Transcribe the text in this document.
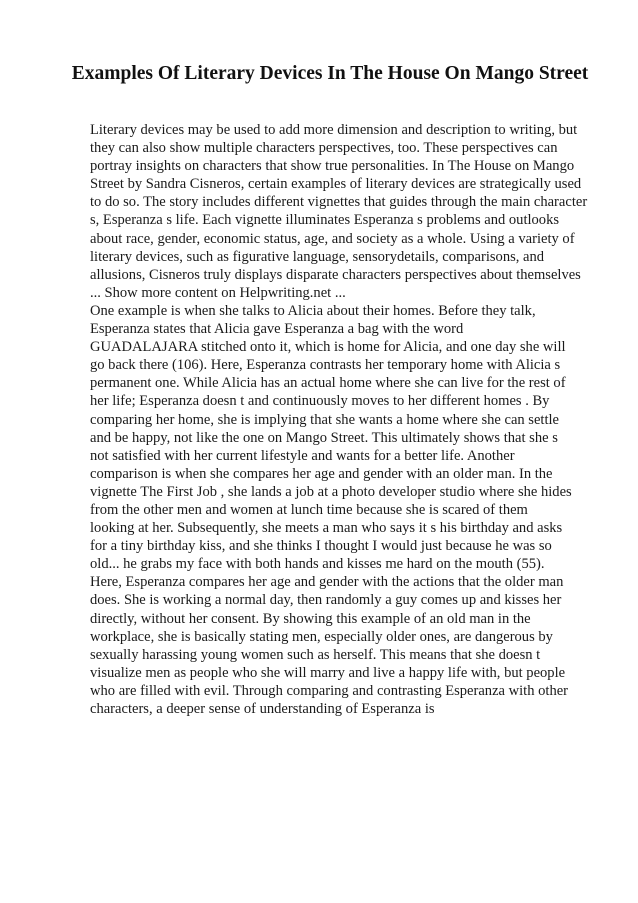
Examples Of Literary Devices In The House On Mango Street
Literary devices may be used to add more dimension and description to writing, but
they can also show multiple characters perspectives, too. These perspectives can
portray insights on characters that show true personalities. In The House on Mango
Street by Sandra Cisneros, certain examples of literary devices are strategically used
to do so. The story includes different vignettes that guides through the main character
s, Esperanza s life. Each vignette illuminates Esperanza s problems and outlooks
about race, gender, economic status, age, and society as a whole. Using a variety of
literary devices, such as figurative language, sensorydetails, comparisons, and
allusions, Cisneros truly displays disparate characters perspectives about themselves
... Show more content on Helpwriting.net ...
One example is when she talks to Alicia about their homes. Before they talk,
Esperanza states that Alicia gave Esperanza a bag with the word
GUADALAJARA stitched onto it, which is home for Alicia, and one day she will
go back there (106). Here, Esperanza contrasts her temporary home with Alicia s
permanent one. While Alicia has an actual home where she can live for the rest of
her life; Esperanza doesn t and continuously moves to her different homes . By
comparing her home, she is implying that she wants a home where she can settle
and be happy, not like the one on Mango Street. This ultimately shows that she s
not satisfied with her current lifestyle and wants for a better life. Another
comparison is when she compares her age and gender with an older man. In the
vignette The First Job , she lands a job at a photo developer studio where she hides
from the other men and women at lunch time because she is scared of them
looking at her. Subsequently, she meets a man who says it s his birthday and asks
for a tiny birthday kiss, and she thinks I thought I would just because he was so
old... he grabs my face with both hands and kisses me hard on the mouth (55).
Here, Esperanza compares her age and gender with the actions that the older man
does. She is working a normal day, then randomly a guy comes up and kisses her
directly, without her consent. By showing this example of an old man in the
workplace, she is basically stating men, especially older ones, are dangerous by
sexually harassing young women such as herself. This means that she doesn t
visualize men as people who she will marry and live a happy life with, but people
who are filled with evil. Through comparing and contrasting Esperanza with other
characters, a deeper sense of understanding of Esperanza is
